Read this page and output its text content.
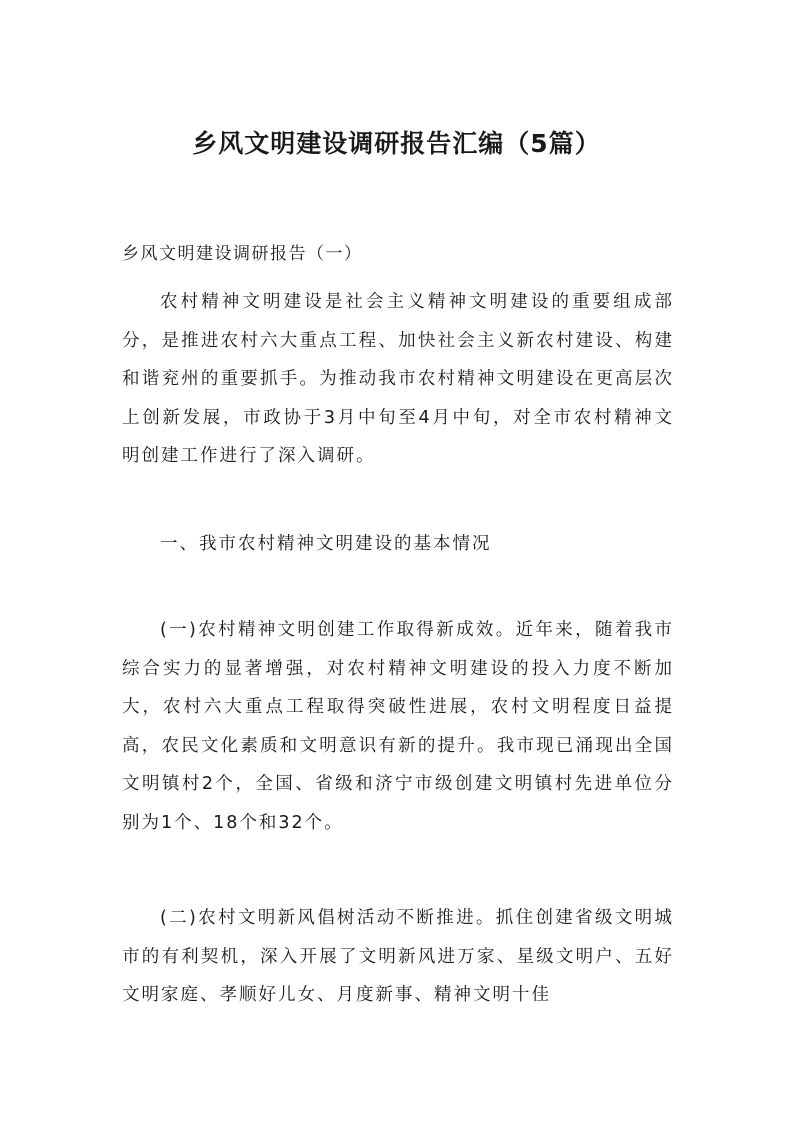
乡风文明建设调研报告汇编（5篇）

乡风文明建设调研报告（一）

农村精神文明建设是社会主义精神文明建设的重要组成部分，是推进农村六大重点工程、加快社会主义新农村建设、构建和谐兖州的重要抓手。为推动我市农村精神文明建设在更高层次上创新发展，市政协于3月中旬至4月中旬，对全市农村精神文明创建工作进行了深入调研。

一、我市农村精神文明建设的基本情况

(一)农村精神文明创建工作取得新成效。近年来，随着我市综合实力的显著增强，对农村精神文明建设的投入力度不断加大，农村六大重点工程取得突破性进展，农村文明程度日益提高，农民文化素质和文明意识有新的提升。我市现已涌现出全国文明镇村2个，全国、省级和济宁市级创建文明镇村先进单位分别为1个、18个和32个。

(二)农村文明新风倡树活动不断推进。抓住创建省级文明城市的有利契机，深入开展了文明新风进万家、星级文明户、五好文明家庭、孝顺好儿女、月度新事、精神文明十佳
